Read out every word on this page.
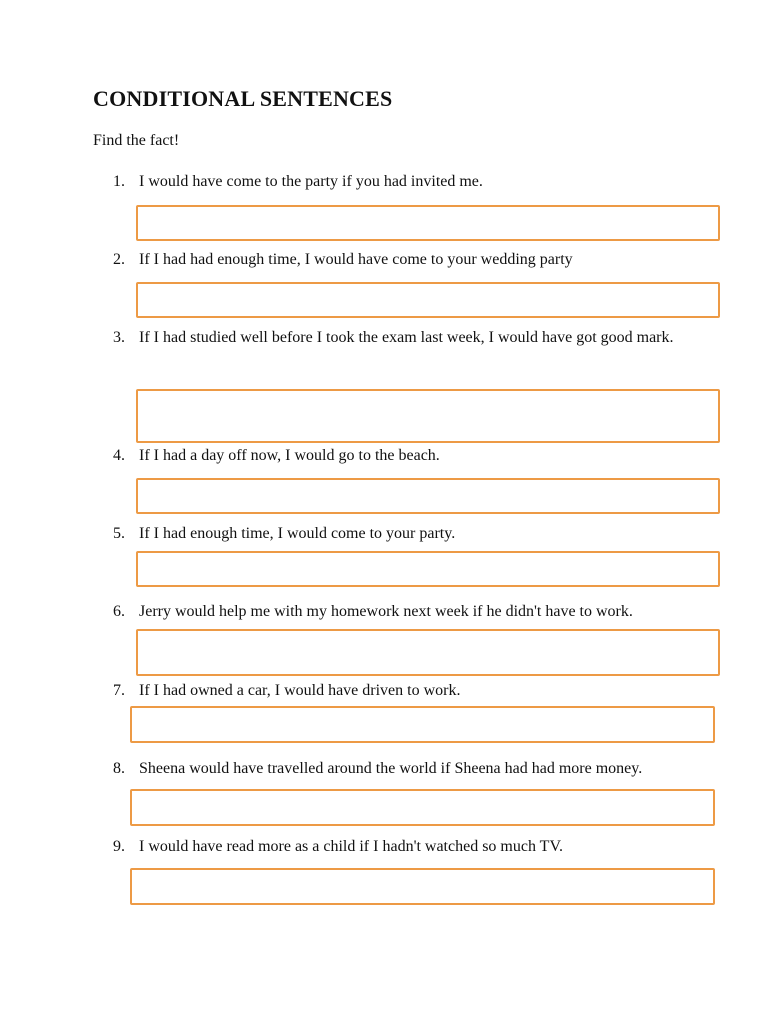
CONDITIONAL SENTENCES

Find the fact!

1. I would have come to the party if you had invited me.
2. If I had had enough time, I would have come to your wedding party
3. If I had studied well before I took the exam last week, I would have got good mark.
4. If I had a day off now, I would go to the beach.
5. If I had enough time, I would come to your party.
6. Jerry would help me with my homework next week if he didn't have to work.
7. If I had owned a car, I would have driven to work.
8. Sheena would have travelled around the world if Sheena had had more money.
9. I would have read more as a child if I hadn't watched so much TV.
